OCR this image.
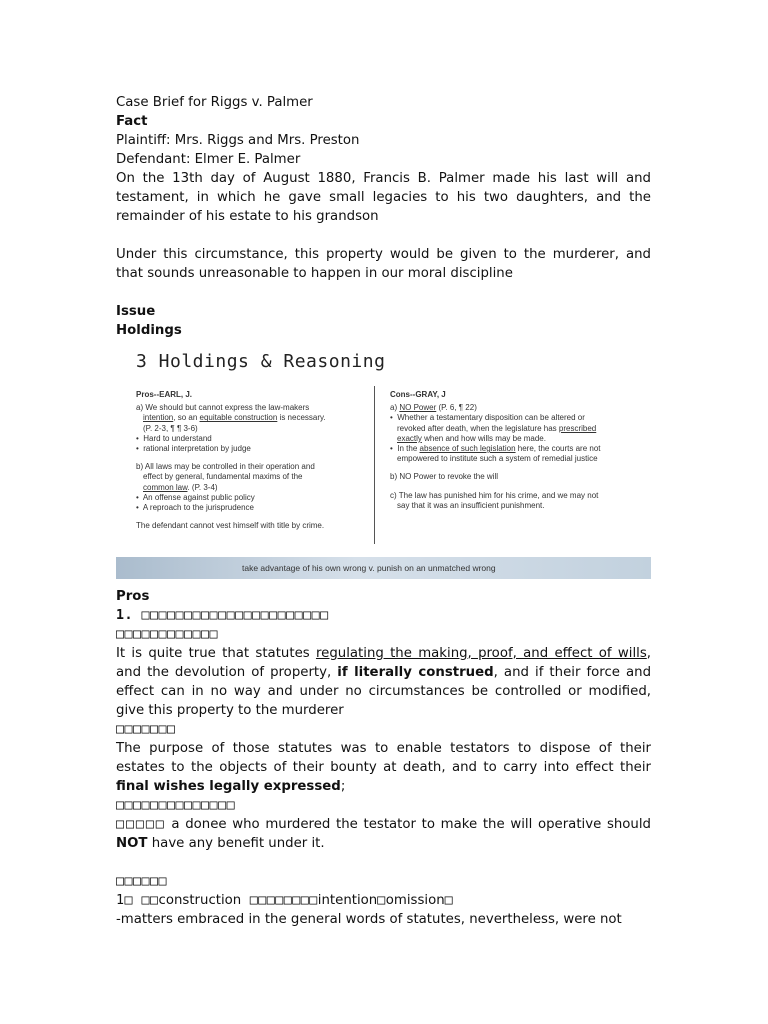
Case Brief for Riggs v. Palmer
Fact
Plaintiff: Mrs. Riggs and Mrs. Preston
Defendant: Elmer E. Palmer
On the 13th day of August 1880, Francis B. Palmer made his last will and testament, in which he gave small legacies to his two daughters, and the remainder of his estate to his grandson
Under this circumstance, this property would be given to the murderer, and that sounds unreasonable to happen in our moral discipline
Issue
Holdings
3 Holdings & Reasoning
Pros--EARL, J.
a) We should but cannot express the law-makers
intention, so an equitable construction is necessary.
(P. 2-3, ¶ ¶ 3-6)
•  Hard to understand
•  rational interpretation by judge
b) All laws may be controlled in their operation and
effect by general, fundamental maxims of the
common law. (P. 3-4)
•  An offense against public policy
•  A reproach to the jurisprudence
The defendant cannot vest himself with title by crime.
Cons--GRAY, J
a) NO Power (P. 6, ¶ 22)
•  Whether a testamentary disposition can be altered or
revoked after death, when the legislature has prescribed
exactly when and how wills may be made.
•  In the absence of such legislation here, the courts are not
empowered to institute such a system of remedial justice
b) NO Power to revoke the will
c) The law has punished him for his crime, and we may not
say that it was an insufficient punishment.
take advantage of his own wrong v. punish on an unmatched wrong
Pros
1. □□□□□□□□□□□□□□□□□□□□□□
□□□□□□□□□□□□
It is quite true that statutes regulating the making, proof, and effect of wills, and the devolution of property, if literally construed, and if their force and effect can in no way and under no circumstances be controlled or modified, give this property to the murderer
□□□□□□□
The purpose of those statutes was to enable testators to dispose of their estates to the objects of their bounty at death, and to carry into effect their final wishes legally expressed;
□□□□□□□□□□□□□□
□□□□□ a donee who murdered the testator to make the will operative should NOT have any benefit under it.
□□□□□□
1□ □□construction □□□□□□□□intention□omission□
-matters embraced in the general words of statutes, nevertheless, were not
